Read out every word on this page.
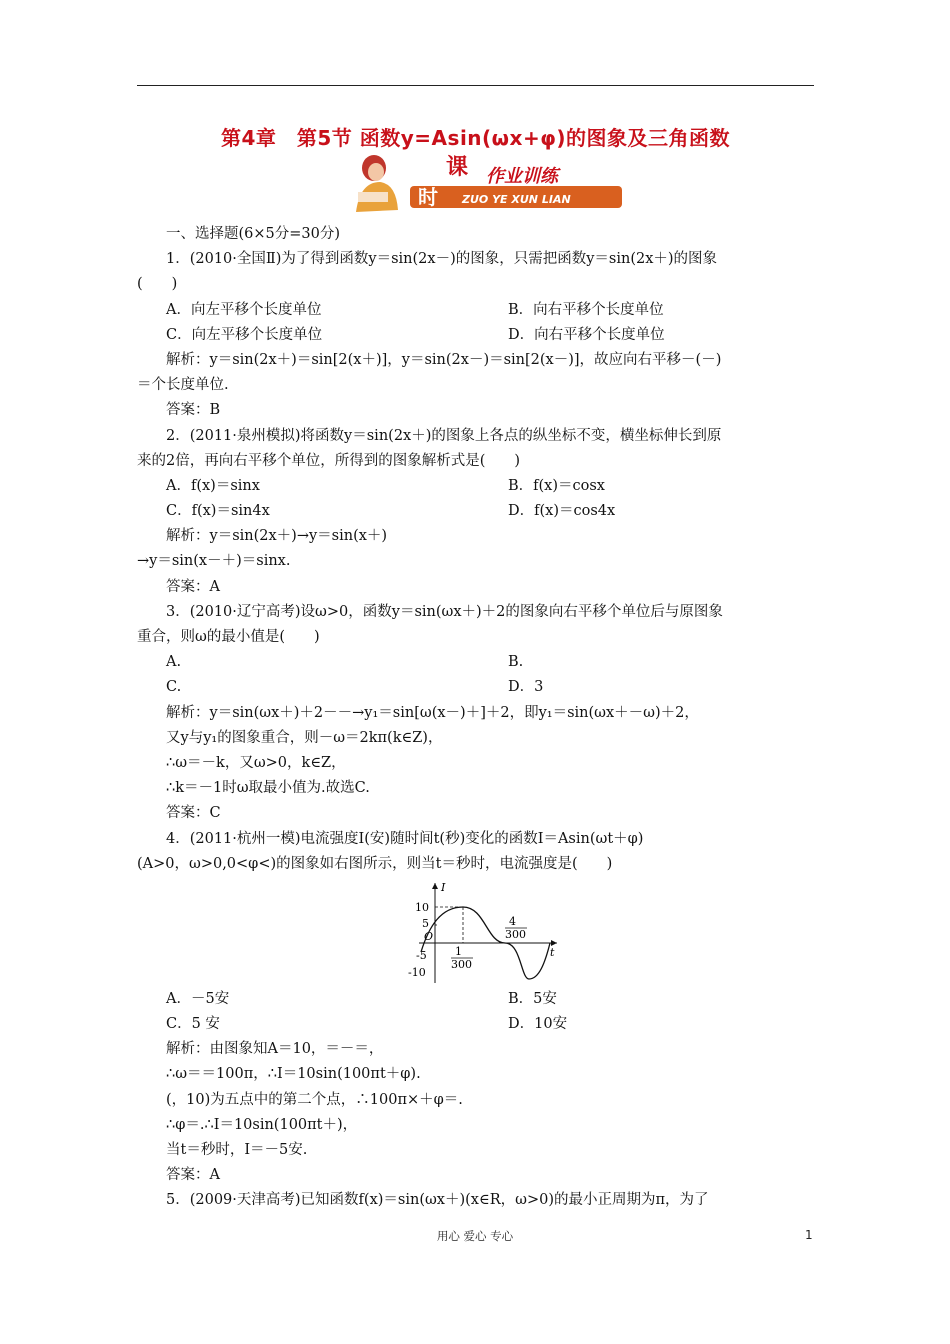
第4章　第5节 函数y=Asin(ωx+φ)的图象及三角函数
课
时
作业训练
ZUO YE XUN LIAN
一、选择题(6×5分=30分)
1．(2010·全国Ⅱ)为了得到函数y＝sin(2x－)的图象，只需把函数y＝sin(2x＋)的图象
(　　)
A．向左平移个长度单位	B．向右平移个长度单位
C．向左平移个长度单位	D．向右平移个长度单位
解析：y＝sin(2x＋)＝sin[2(x＋)]，y＝sin(2x－)＝sin[2(x－)]，故应向右平移－(－)
＝个长度单位.
答案：B
2．(2011·泉州模拟)将函数y＝sin(2x＋)的图象上各点的纵坐标不变，横坐标伸长到原
来的2倍，再向右平移个单位，所得到的图象解析式是(　　)
A．f(x)＝sinx	B．f(x)＝cosx
C．f(x)＝sin4x	D．f(x)＝cos4x
解析：y＝sin(2x＋)→y＝sin(x＋)
→y＝sin(x－＋)＝sinx.
答案：A
3．(2010·辽宁高考)设ω>0，函数y＝sin(ωx＋)＋2的图象向右平移个单位后与原图象
重合，则ω的最小值是(　　)
A.	B.
C.	D．3
解析：y＝sin(ωx＋)＋2－－→y₁＝sin[ω(x－)＋]＋2，即y₁＝sin(ωx＋－ω)＋2，
又y与y₁的图象重合，则－ω＝2kπ(k∈Z)，
∴ω＝－k，又ω>0，k∈Z，
∴k＝－1时ω取最小值为.故选C.
答案：C
4．(2011·杭州一模)电流强度I(安)随时间t(秒)变化的函数I＝Asin(ωt＋φ)
(A>0，ω>0,0<φ<)的图象如右图所示，则当t＝秒时，电流强度是(　　)
I
t
O
10
5
-5
-10
1
300
4
300
A．－5安	B．5安
C．5 安	D．10安
解析：由图象知A＝10，＝－＝，
∴ω＝＝100π，∴I＝10sin(100πt＋φ).
(，10)为五点中的第二个点，∴100π×＋φ＝.
∴φ＝.∴I＝10sin(100πt＋)，
当t＝秒时，I＝－5安.
答案：A
5．(2009·天津高考)已知函数f(x)＝sin(ωx＋)(x∈R，ω>0)的最小正周期为π，为了
用心 爱心 专心	1
